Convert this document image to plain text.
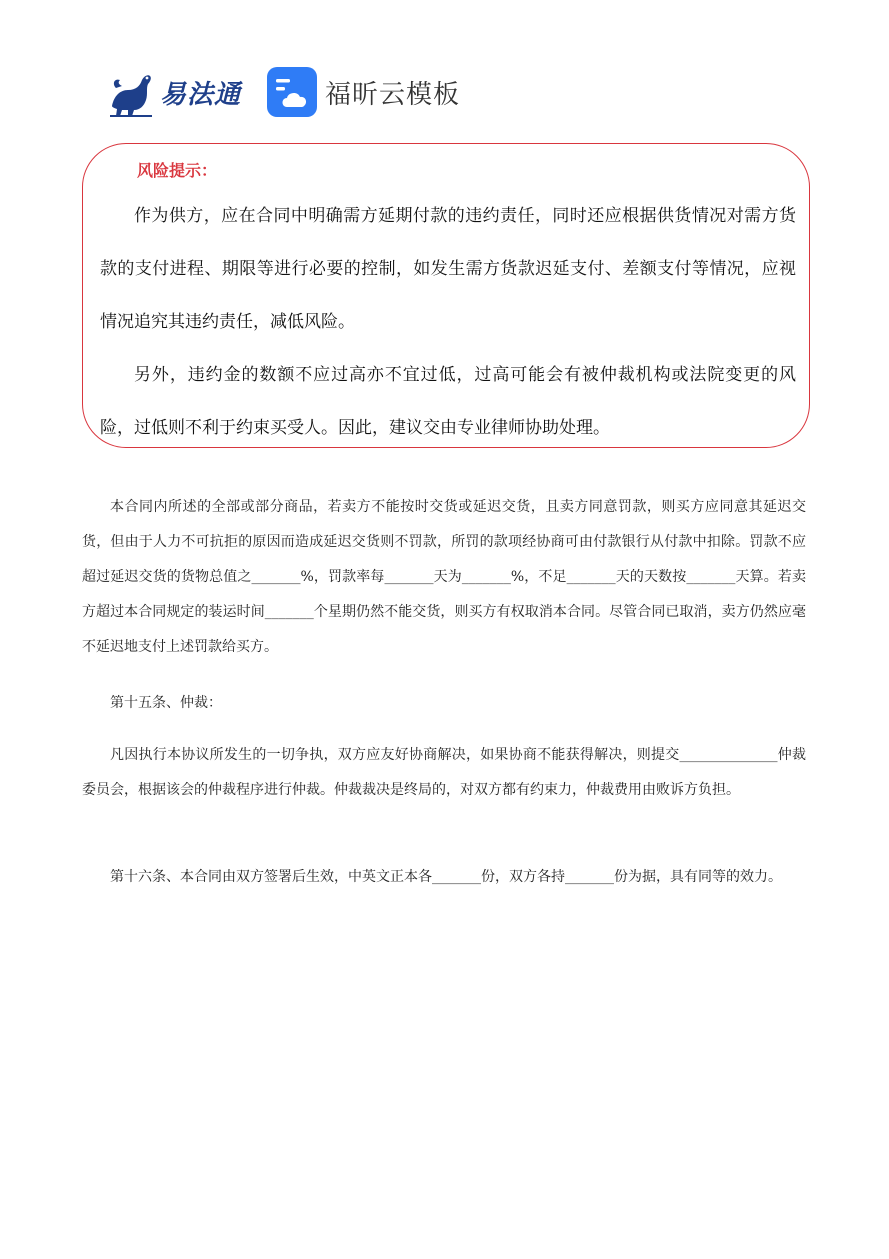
易法通	福昕云模板
风险提示：

作为供方，应在合同中明确需方延期付款的违约责任，同时还应根据供货情况对需方货款的支付进程、期限等进行必要的控制，如发生需方货款迟延支付、差额支付等情况，应视情况追究其违约责任，减低风险。

另外，违约金的数额不应过高亦不宜过低，过高可能会有被仲裁机构或法院变更的风险，过低则不利于约束买受人。因此，建议交由专业律师协助处理。

本合同内所述的全部或部分商品，若卖方不能按时交货或延迟交货，且卖方同意罚款，则买方应同意其延迟交货，但由于人力不可抗拒的原因而造成延迟交货则不罚款，所罚的款项经协商可由付款银行从付款中扣除。罚款不应超过延迟交货的货物总值之_______%，罚款率每_______天为_______%，不足_______天的天数按_______天算。若卖方超过本合同规定的装运时间_______个星期仍然不能交货，则买方有权取消本合同。尽管合同已取消，卖方仍然应毫不延迟地支付上述罚款给买方。

第十五条、仲裁：

凡因执行本协议所发生的一切争执，双方应友好协商解决，如果协商不能获得解决，则提交______________仲裁委员会，根据该会的仲裁程序进行仲裁。仲裁裁决是终局的，对双方都有约束力，仲裁费用由败诉方负担。

第十六条、本合同由双方签署后生效，中英文正本各_______份，双方各持_______份为据，具有同等的效力。
